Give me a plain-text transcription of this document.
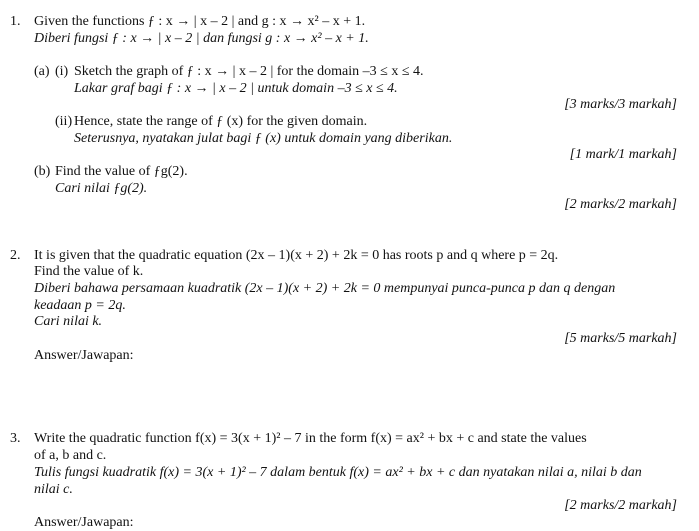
1. Given the functions ƒ : x → | x – 2 | and g : x → x² – x + 1.
Diberi fungsi ƒ : x → | x – 2 | dan fungsi g : x → x² – x + 1.
(a) (i) Sketch the graph of ƒ : x → | x – 2 | for the domain –3 ≤ x ≤ 4.
Lakar graf bagi ƒ : x → | x – 2 | untuk domain –3 ≤ x ≤ 4.
[3 marks/3 markah]
(ii) Hence, state the range of ƒ (x) for the given domain.
Seterusnya, nyatakan julat bagi ƒ (x) untuk domain yang diberikan.
[1 mark/1 markah]
(b) Find the value of ƒg(2).
Cari nilai ƒg(2).
[2 marks/2 markah]
2. It is given that the quadratic equation (2x – 1)(x + 2) + 2k = 0 has roots p and q where p = 2q.
Find the value of k.
Diberi bahawa persamaan kuadratik (2x – 1)(x + 2) + 2k = 0 mempunyai punca-punca p dan q dengan
keadaan p = 2q.
Cari nilai k.
[5 marks/5 markah]
Answer/Jawapan:
3. Write the quadratic function f(x) = 3(x + 1)² – 7 in the form f(x) = ax² + bx + c and state the values
of a, b and c.
Tulis fungsi kuadratik f(x) = 3(x + 1)² – 7 dalam bentuk f(x) = ax² + bx + c dan nyatakan nilai a, nilai b dan
nilai c.
[2 marks/2 markah]
Answer/Jawapan:
